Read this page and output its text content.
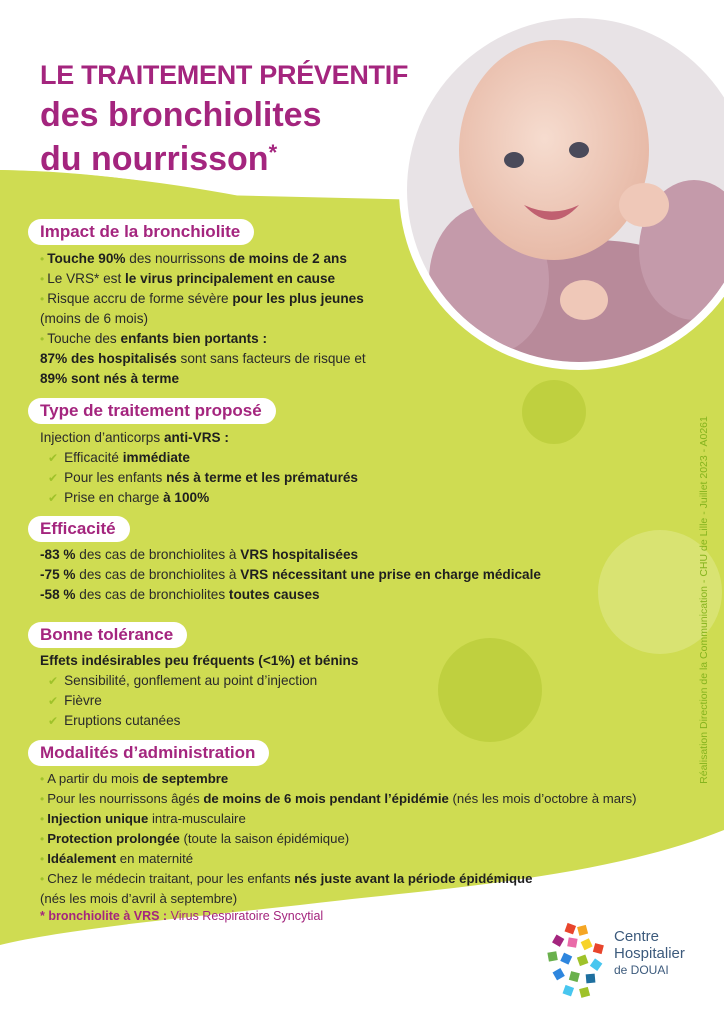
LE TRAITEMENT PRÉVENTIF
des bronchiolites
du nourrisson*
Impact de la bronchiolite

• Touche 90% des nourrissons de moins de 2 ans

• Le VRS* est le virus principalement en cause

• Risque accru de forme sévère pour les plus jeunes

(moins de 6 mois)

• Touche des enfants bien portants :

87% des hospitalisés sont sans facteurs de risque et

89% sont nés à terme

Type de traitement proposé

Injection d’anticorps anti-VRS :

✔ Efficacité immédiate

✔ Pour les enfants nés à terme et les prématurés

✔ Prise en charge à 100%

Efficacité

-83 % des cas de bronchiolites à VRS hospitalisées

-75 % des cas de bronchiolites à VRS nécessitant une prise en charge médicale

-58 % des cas de bronchiolites toutes causes

Bonne tolérance

Effets indésirables peu fréquents (<1%) et bénins

✔ Sensibilité, gonflement au point d’injection

✔ Fièvre

✔ Eruptions cutanées

Modalités d’administration

• A partir du mois de septembre

• Pour les nourrissons âgés de moins de 6 mois pendant l’épidémie (nés les mois d’octobre à mars)

• Injection unique intra-musculaire

• Protection prolongée (toute la saison épidémique)

• Idéalement en maternité

• Chez le médecin traitant, pour les enfants nés juste avant la période épidémique

(nés les mois d’avril à septembre)

* bronchiolite à VRS : Virus Respiratoire Syncytial
Réalisation Direction de la Communication - CHU de Lille - Juillet 2023 - A0261
Centre
Hospitalier
de DOUAI
